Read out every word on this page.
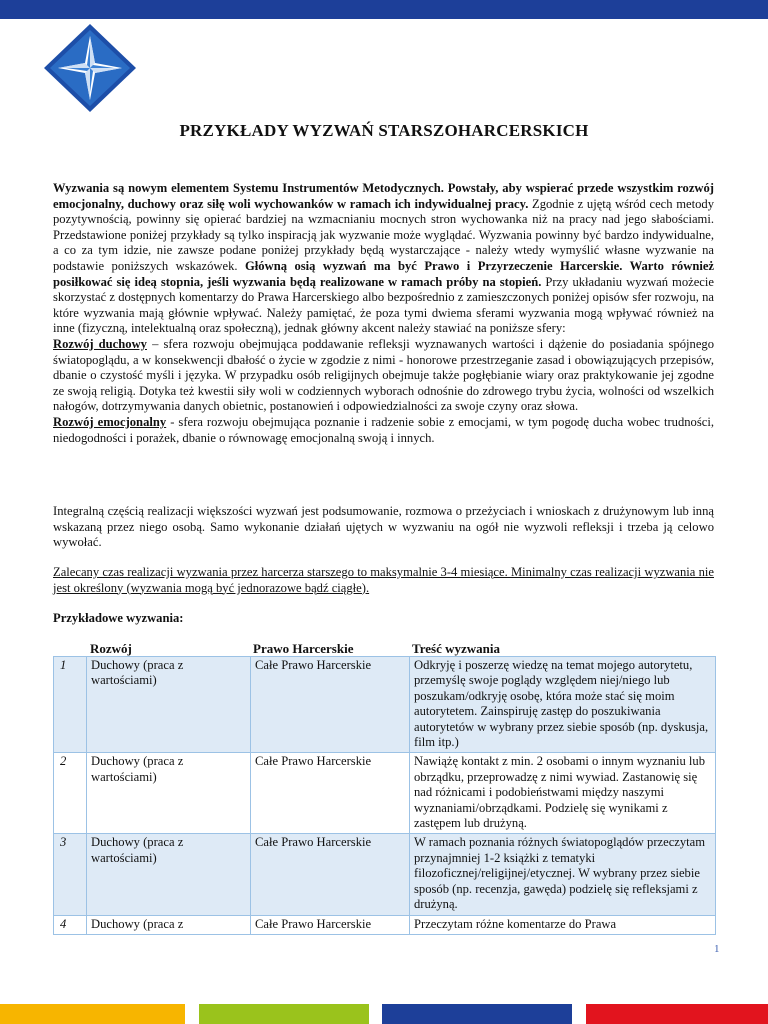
PRZYKŁADY WYZWAŃ STARSZOHARCERSKICH
Wyzwania są nowym elementem Systemu Instrumentów Metodycznych. Powstały, aby wspierać przede wszystkim rozwój emocjonalny, duchowy oraz siłę woli wychowanków w ramach ich indywidualnej pracy. Zgodnie z ujętą wśród cech metody pozytywnością, powinny się opierać bardziej na wzmacnianiu mocnych stron wychowanka niż na pracy nad jego słabościami. Przedstawione poniżej przykłady są tylko inspiracją jak wyzwanie może wyglądać. Wyzwania powinny być bardzo indywidualne, a co za tym idzie, nie zawsze podane poniżej przykłady będą wystarczające - należy wtedy wymyślić własne wyzwanie na podstawie poniższych wskazówek. Główną osią wyzwań ma być Prawo i Przyrzeczenie Harcerskie. Warto również posiłkować się ideą stopnia, jeśli wyzwania będą realizowane w ramach próby na stopień. Przy układaniu wyzwań możecie skorzystać z dostępnych komentarzy do Prawa Harcerskiego albo bezpośrednio z zamieszczonych poniżej opisów sfer rozwoju, na które wyzwania mają głównie wpływać. Należy pamiętać, że poza tymi dwiema sferami wyzwania mogą wpływać również na inne (fizyczną, intelektualną oraz społeczną), jednak główny akcent należy stawiać na poniższe sfery:
Rozwój duchowy – sfera rozwoju obejmująca poddawanie refleksji wyznawanych wartości i dążenie do posiadania spójnego światopoglądu, a w konsekwencji dbałość o życie w zgodzie z nimi - honorowe przestrzeganie zasad i obowiązujących przepisów, dbanie o czystość myśli i języka. W przypadku osób religijnych obejmuje także pogłębianie wiary oraz praktykowanie jej zgodne ze swoją religią. Dotyka też kwestii siły woli w codziennych wyborach odnośnie do zdrowego trybu życia, wolności od wszelkich nałogów, dotrzymywania danych obietnic, postanowień i odpowiedzialności za swoje czyny oraz słowa.
Rozwój emocjonalny - sfera rozwoju obejmująca poznanie i radzenie sobie z emocjami, w tym pogodę ducha wobec trudności, niedogodności i porażek, dbanie o równowagę emocjonalną swoją i innych.
Integralną częścią realizacji większości wyzwań jest podsumowanie, rozmowa o przeżyciach i wnioskach z drużynowym lub inną wskazaną przez niego osobą. Samo wykonanie działań ujętych w wyzwaniu na ogół nie wyzwoli refleksji i trzeba ją celowo wywołać.
Zalecany czas realizacji wyzwania przez harcerza starszego to maksymalnie 3-4 miesiące. Minimalny czas realizacji wyzwania nie jest określony (wyzwania mogą być jednorazowe bądź ciągłe).
Przykładowe wyzwania:
Rozwój	Prawo Harcerskie	Treść wyzwania
1	Duchowy (praca z wartościami)	Całe Prawo Harcerskie	Odkryję i poszerzę wiedzę na temat mojego autorytetu, przemyślę swoje poglądy względem niej/niego lub poszukam/odkryję osobę, która może stać się moim autorytetem. Zainspiruję zastęp do poszukiwania autorytetów w wybrany przez siebie sposób (np. dyskusja, film itp.)
2	Duchowy (praca z wartościami)	Całe Prawo Harcerskie	Nawiążę kontakt z min. 2 osobami o innym wyznaniu lub obrządku, przeprowadzę z nimi wywiad. Zastanowię się nad różnicami i podobieństwami między naszymi wyznaniami/obrządkami. Podzielę się wynikami z zastępem lub drużyną.
3	Duchowy (praca z wartościami)	Całe Prawo Harcerskie	W ramach poznania różnych światopoglądów przeczytam przynajmniej 1-2 książki z tematyki filozoficznej/religijnej/etycznej. W wybrany przez siebie sposób (np. recenzja, gawęda) podzielę się refleksjami z drużyną.
4	Duchowy (praca z	Całe Prawo Harcerskie	Przeczytam różne komentarze do Prawa
1
